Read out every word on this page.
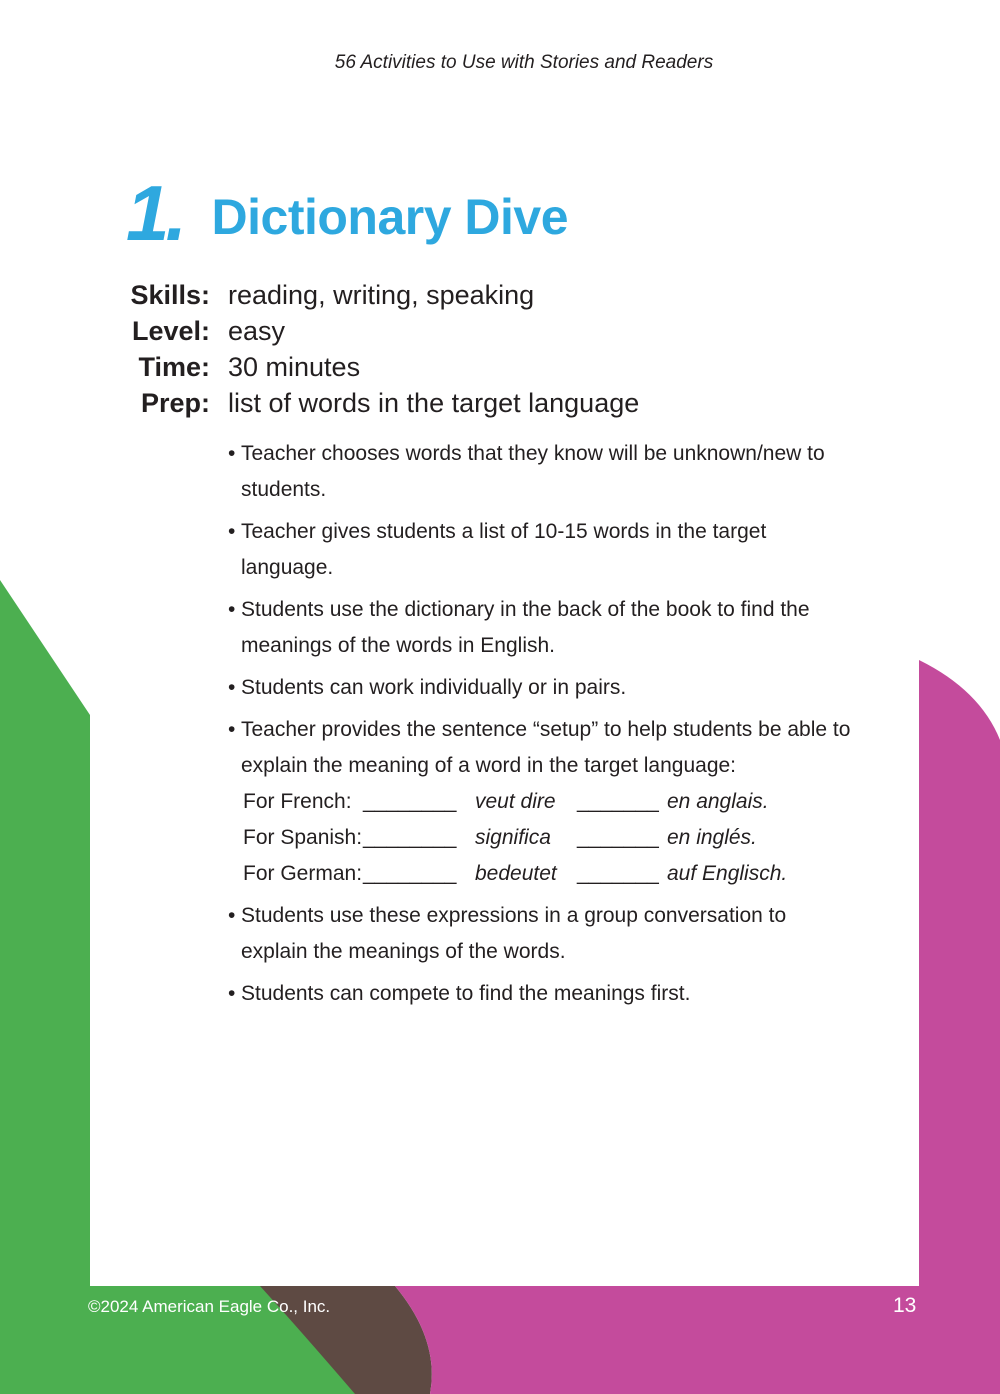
56 Activities to Use with Stories and Readers
1. Dictionary Dive
Skills: reading, writing, speaking
Level: easy
Time: 30 minutes
Prep: list of words in the target language
• Teacher chooses words that they know will be unknown/new to students.
• Teacher gives students a list of 10-15 words in the target language.
• Students use the dictionary in the back of the book to find the meanings of the words in English.
• Students can work individually or in pairs.
• Teacher provides the sentence “setup” to help students be able to explain the meaning of a word in the target language:
For French:	________	veut dire	_______	en anglais.
For Spanish:	________	significa	_______	en inglés.
For German:	________	bedeutet	_______	auf Englisch.
• Students use these expressions in a group conversation to explain the meanings of the words.
• Students can compete to find the meanings first.
©2024 American Eagle Co., Inc.	13
